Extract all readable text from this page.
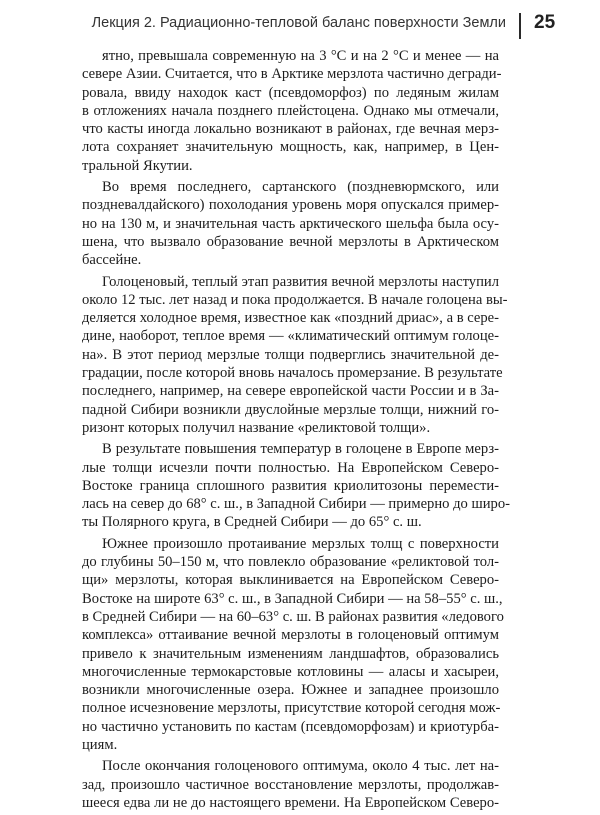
Лекция 2. Радиационно-тепловой баланс поверхности Земли 25
ятно, превышала современную на 3 °С и на 2 °С и менее — на
севере Азии. Считается, что в Арктике мерзлота частично дегради-
ровала, ввиду находок каст (псевдоморфоз) по ледяным жилам
в отложениях начала позднего плейстоцена. Однако мы отмечали,
что касты иногда локально возникают в районах, где вечная мерз-
лота сохраняет значительную мощность, как, например, в Цен-
тральной Якутии.
Во время последнего, сартанского (поздневюрмского, или
поздневалдайского) похолодания уровень моря опускался пример-
но на 130 м, и значительная часть арктического шельфа была осу-
шена, что вызвало образование вечной мерзлоты в Арктическом
бассейне.
Голоценовый, теплый этап развития вечной мерзлоты наступил
около 12 тыс. лет назад и пока продолжается. В начале голоцена вы-
деляется холодное время, известное как «поздний дриас», а в сере-
дине, наоборот, теплое время — «климатический оптимум голоце-
на». В этот период мерзлые толщи подверглись значительной де-
градации, после которой вновь началось промерзание. В результате
последнего, например, на севере европейской части России и в За-
падной Сибири возникли двуслойные мерзлые толщи, нижний го-
ризонт которых получил название «реликтовой толщи».
В результате повышения температур в голоцене в Европе мерз-
лые толщи исчезли почти полностью. На Европейском Северо-
Востоке граница сплошного развития криолитозоны перемести-
лась на север до 68° с. ш., в Западной Сибири — примерно до широ-
ты Полярного круга, в Средней Сибири — до 65° с. ш.
Южнее произошло протаивание мерзлых толщ с поверхности
до глубины 50–150 м, что повлекло образование «реликтовой тол-
щи» мерзлоты, которая выклинивается на Европейском Северо-
Востоке на широте 63° с. ш., в Западной Сибири — на 58–55° с. ш.,
в Средней Сибири — на 60–63° с. ш. В районах развития «ледового
комплекса» оттаивание вечной мерзлоты в голоценовый оптимум
привело к значительным изменениям ландшафтов, образовались
многочисленные термокарстовые котловины — аласы и хасыреи,
возникли многочисленные озера. Южнее и западнее произошло
полное исчезновение мерзлоты, присутствие которой сегодня мож-
но частично установить по кастам (псевдоморфозам) и криотурба-
циям.
После окончания голоценового оптимума, около 4 тыс. лет на-
зад, произошло частичное восстановление мерзлоты, продолжав-
шееся едва ли не до настоящего времени. На Европейском Северо-
